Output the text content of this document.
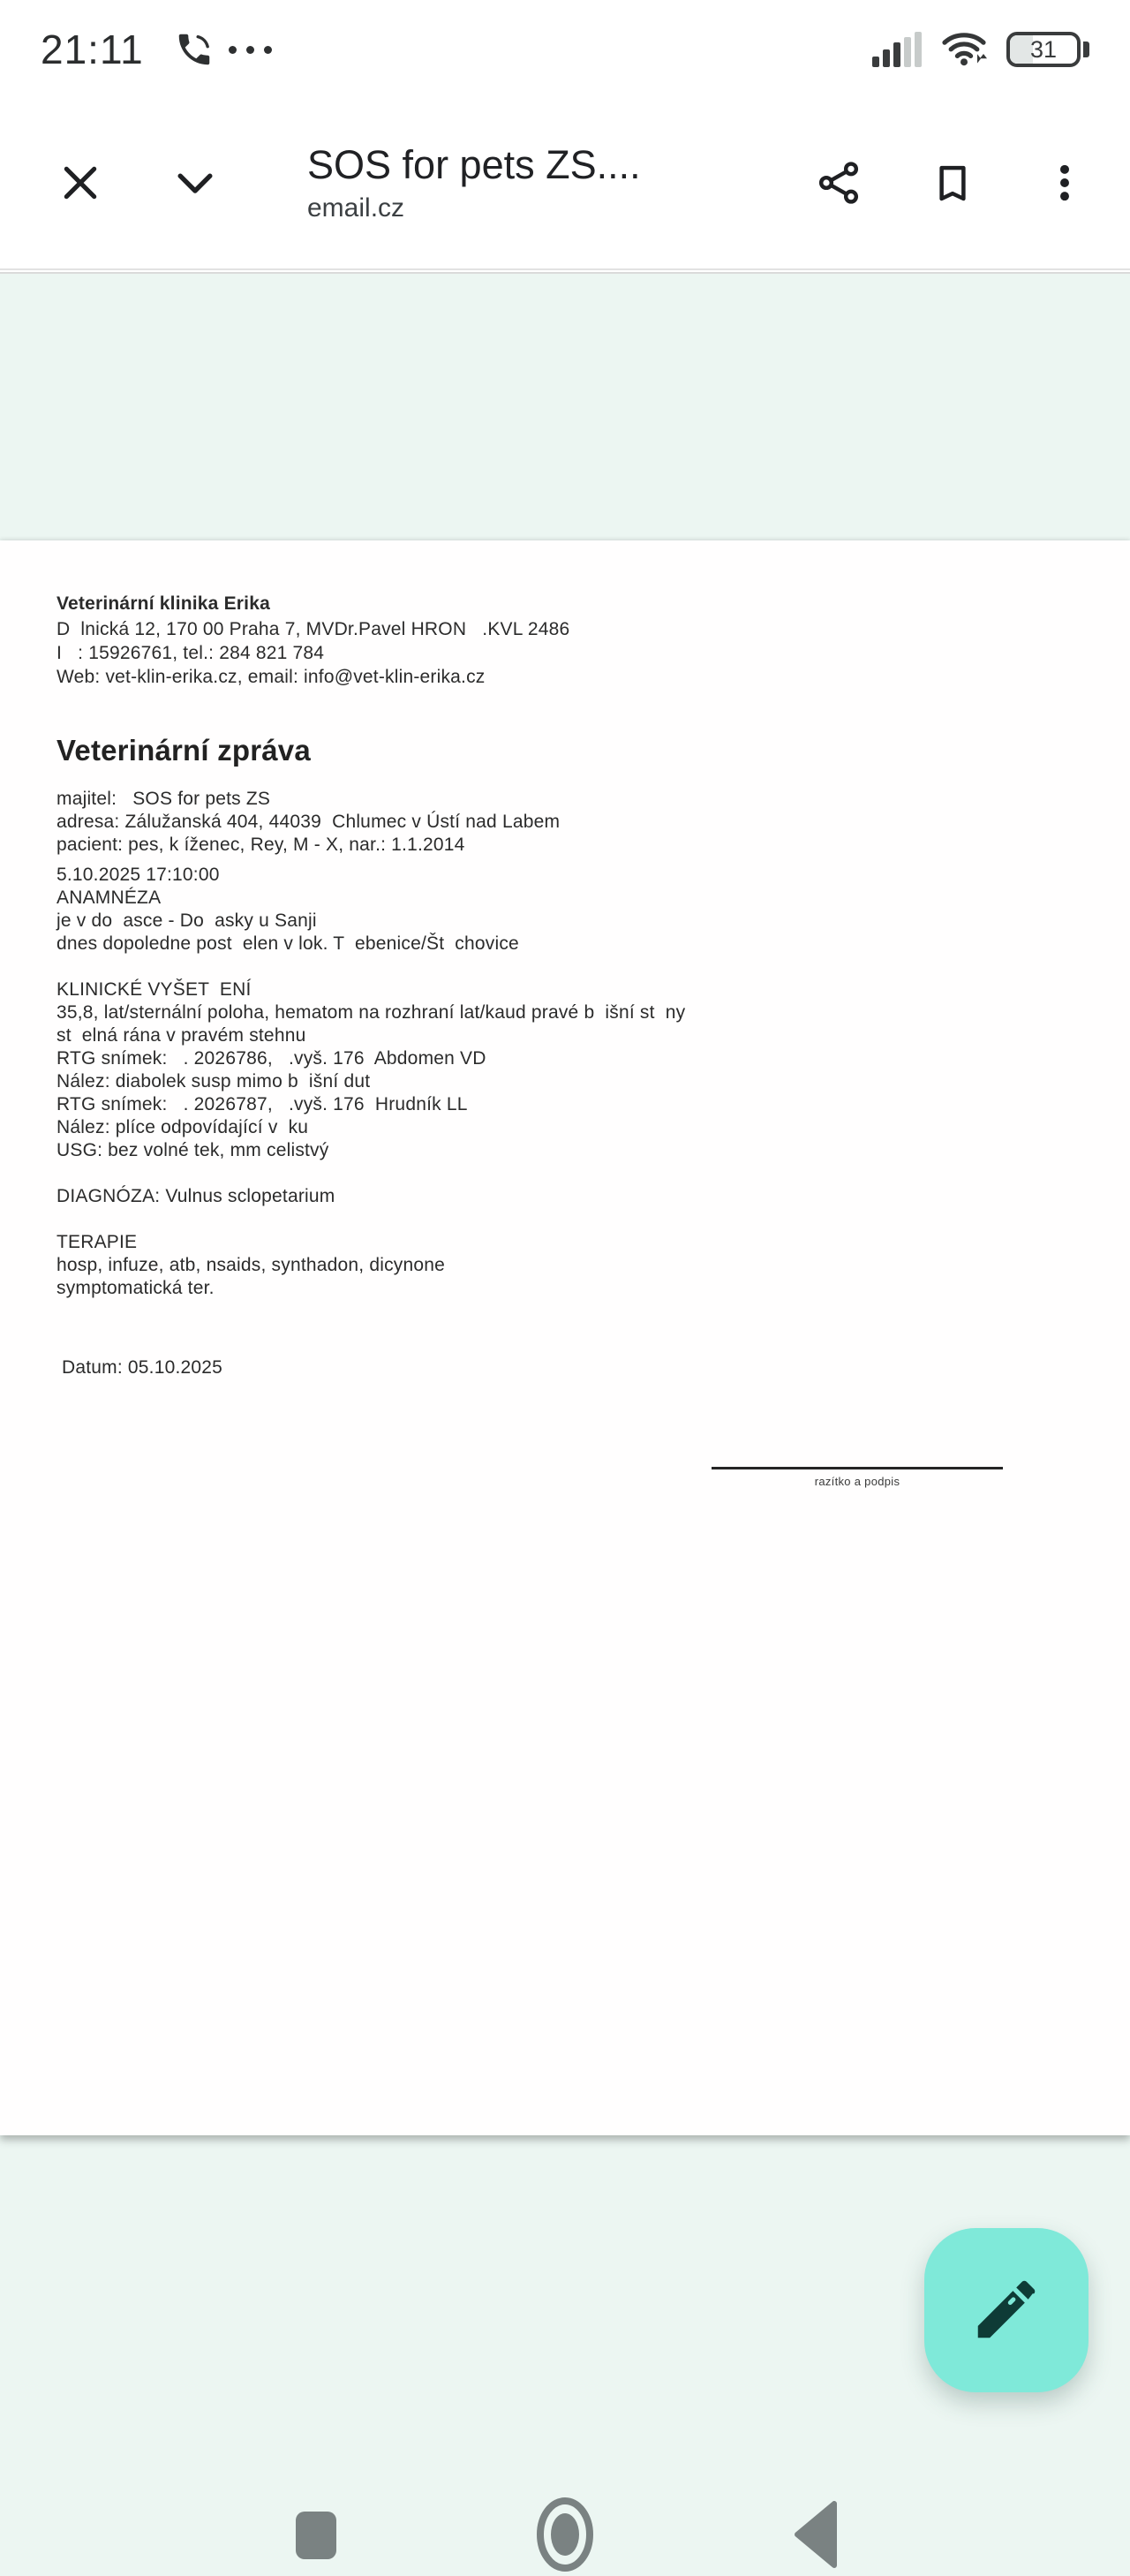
21:11	31
SOS for pets ZS....
email.cz
Veterinární klinika Erika
D  lnická 12, 170 00 Praha 7, MVDr.Pavel HRON   .KVL 2486
I   : 15926761, tel.: 284 821 784
Web: vet-klin-erika.cz, email: info@vet-klin-erika.cz
Veterinární zpráva
majitel:   SOS for pets ZS
adresa: Zálužanská 404, 44039  Chlumec v Ústí nad Labem
pacient: pes, k íženec, Rey, M - X, nar.: 1.1.2014
5.10.2025 17:10:00
ANAMNÉZA
je v do  asce - Do  asky u Sanji
dnes dopoledne post  elen v lok. T  ebenice/Št  chovice
KLINICKÉ VYŠET  ENÍ
35,8, lat/sternální poloha, hematom na rozhraní lat/kaud pravé b  išní st  ny
st  elná rána v pravém stehnu
RTG snímek:   . 2026786,   .vyš. 176  Abdomen VD
Nález: diabolek susp mimo b  išní dut
RTG snímek:   . 2026787,   .vyš. 176  Hrudník LL
Nález: plíce odpovídající v  ku
USG: bez volné tek, mm celistvý
DIAGNÓZA: Vulnus sclopetarium
TERAPIE
hosp, infuze, atb, nsaids, synthadon, dicynone
symptomatická ter.
Datum: 05.10.2025
razítko a podpis
